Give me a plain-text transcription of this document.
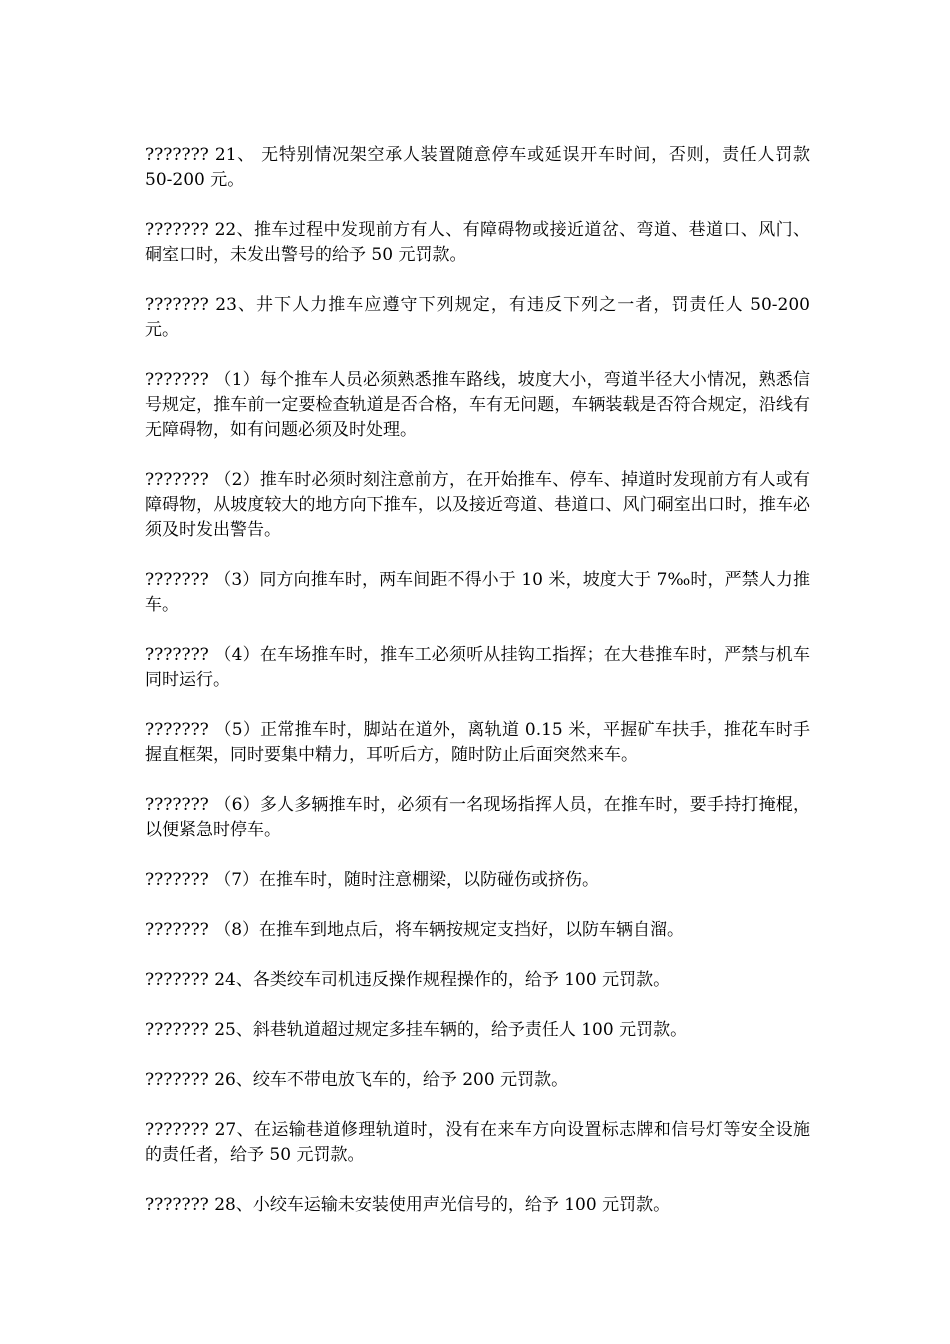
??????? 21、 无特别情况架空承人装置随意停车或延误开车时间，否则，责任人罚款 50-200 元。

??????? 22、推车过程中发现前方有人、有障碍物或接近道岔、弯道、巷道口、风门、硐室口时，未发出警号的给予 50 元罚款。

??????? 23、井下人力推车应遵守下列规定，有违反下列之一者，罚责任人 50-200 元。

??????? （1）每个推车人员必须熟悉推车路线，坡度大小，弯道半径大小情况，熟悉信号规定，推车前一定要检查轨道是否合格，车有无问题，车辆装载是否符合规定，沿线有无障碍物，如有问题必须及时处理。

??????? （2）推车时必须时刻注意前方，在开始推车、停车、掉道时发现前方有人或有障碍物，从坡度较大的地方向下推车，以及接近弯道、巷道口、风门硐室出口时，推车必须及时发出警告。

??????? （3）同方向推车时，两车间距不得小于 10 米，坡度大于 7‰时，严禁人力推车。

??????? （4）在车场推车时，推车工必须听从挂钩工指挥；在大巷推车时，严禁与机车同时运行。

??????? （5）正常推车时，脚站在道外，离轨道 0.15 米，平握矿车扶手，推花车时手握直框架，同时要集中精力，耳听后方，随时防止后面突然来车。

??????? （6）多人多辆推车时，必须有一名现场指挥人员，在推车时，要手持打掩棍，以便紧急时停车。

??????? （7）在推车时，随时注意棚梁，以防碰伤或挤伤。

??????? （8）在推车到地点后，将车辆按规定支挡好，以防车辆自溜。

??????? 24、各类绞车司机违反操作规程操作的，给予 100 元罚款。

??????? 25、斜巷轨道超过规定多挂车辆的，给予责任人 100 元罚款。

??????? 26、绞车不带电放飞车的，给予 200 元罚款。

??????? 27、在运输巷道修理轨道时，没有在来车方向设置标志牌和信号灯等安全设施的责任者，给予 50 元罚款。

??????? 28、小绞车运输未安装使用声光信号的，给予 100 元罚款。
